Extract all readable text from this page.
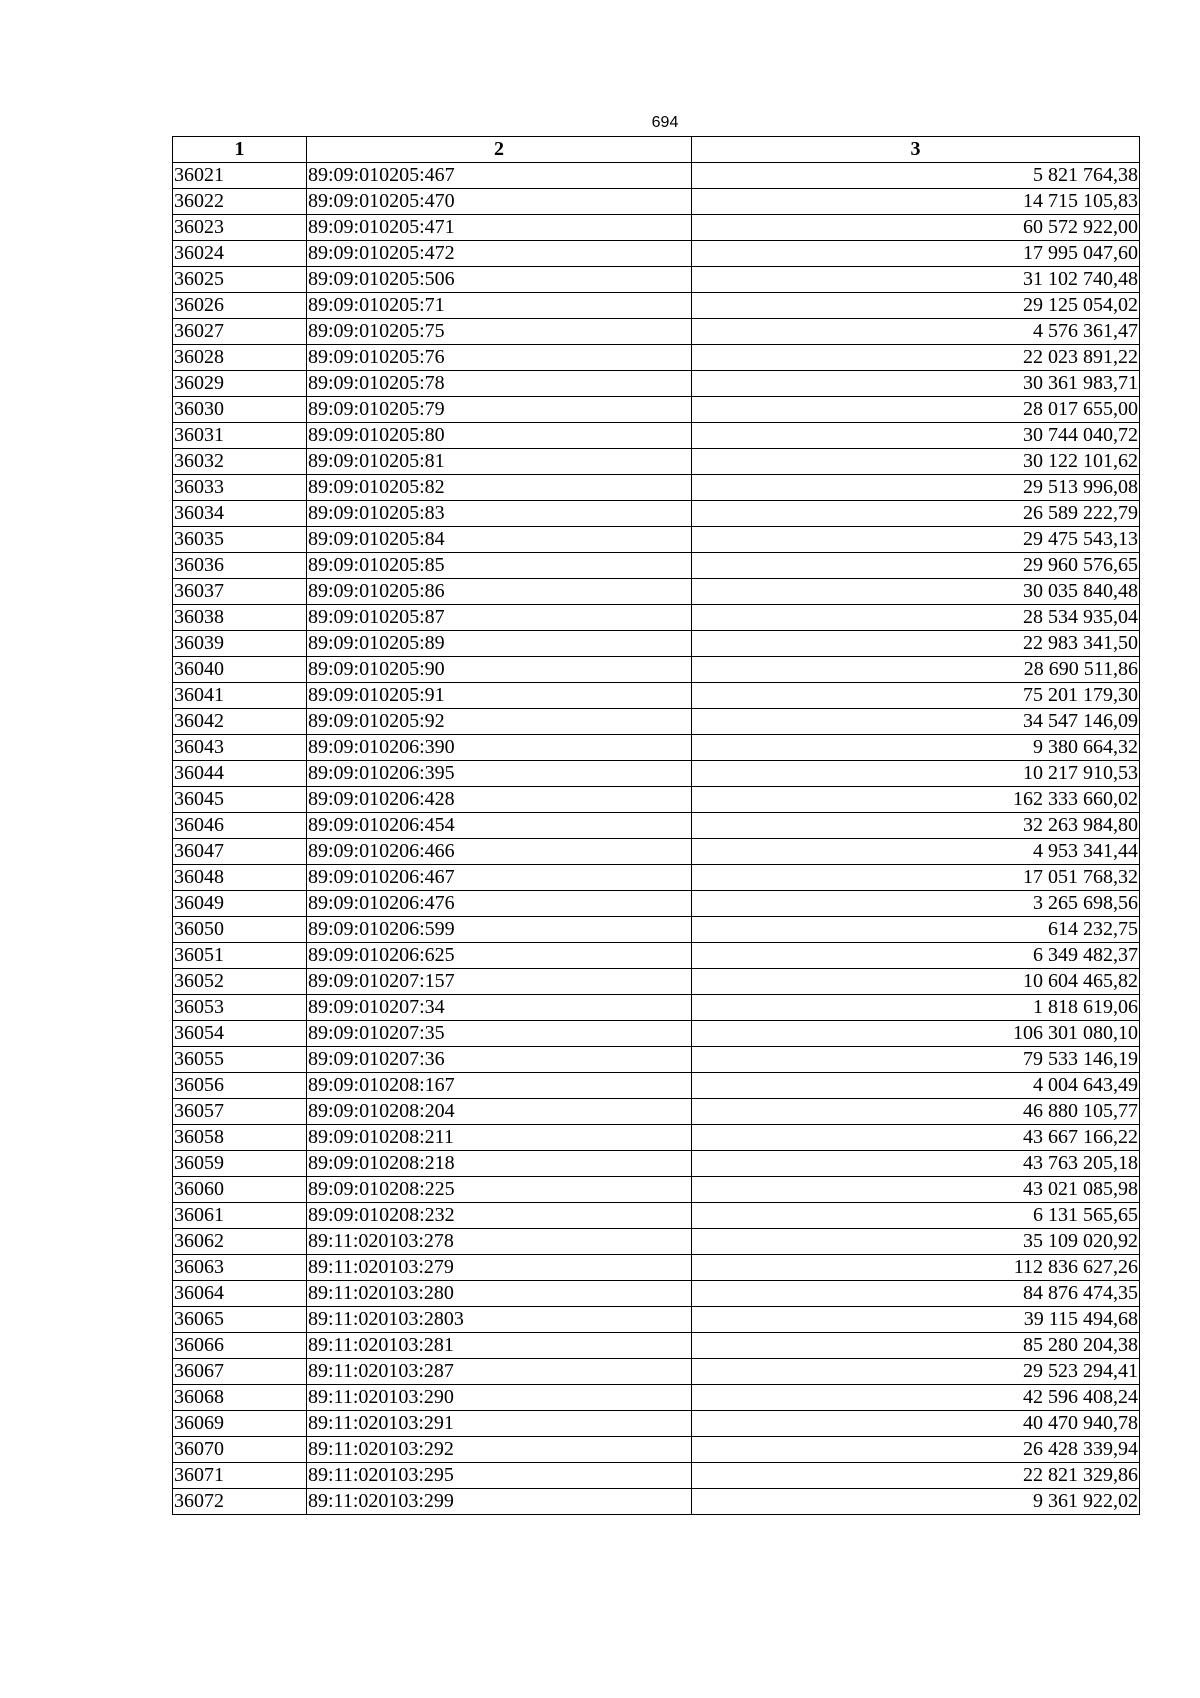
694
1	2	3
36021	89:09:010205:467	5 821 764,38
36022	89:09:010205:470	14 715 105,83
36023	89:09:010205:471	60 572 922,00
36024	89:09:010205:472	17 995 047,60
36025	89:09:010205:506	31 102 740,48
36026	89:09:010205:71	29 125 054,02
36027	89:09:010205:75	4 576 361,47
36028	89:09:010205:76	22 023 891,22
36029	89:09:010205:78	30 361 983,71
36030	89:09:010205:79	28 017 655,00
36031	89:09:010205:80	30 744 040,72
36032	89:09:010205:81	30 122 101,62
36033	89:09:010205:82	29 513 996,08
36034	89:09:010205:83	26 589 222,79
36035	89:09:010205:84	29 475 543,13
36036	89:09:010205:85	29 960 576,65
36037	89:09:010205:86	30 035 840,48
36038	89:09:010205:87	28 534 935,04
36039	89:09:010205:89	22 983 341,50
36040	89:09:010205:90	28 690 511,86
36041	89:09:010205:91	75 201 179,30
36042	89:09:010205:92	34 547 146,09
36043	89:09:010206:390	9 380 664,32
36044	89:09:010206:395	10 217 910,53
36045	89:09:010206:428	162 333 660,02
36046	89:09:010206:454	32 263 984,80
36047	89:09:010206:466	4 953 341,44
36048	89:09:010206:467	17 051 768,32
36049	89:09:010206:476	3 265 698,56
36050	89:09:010206:599	614 232,75
36051	89:09:010206:625	6 349 482,37
36052	89:09:010207:157	10 604 465,82
36053	89:09:010207:34	1 818 619,06
36054	89:09:010207:35	106 301 080,10
36055	89:09:010207:36	79 533 146,19
36056	89:09:010208:167	4 004 643,49
36057	89:09:010208:204	46 880 105,77
36058	89:09:010208:211	43 667 166,22
36059	89:09:010208:218	43 763 205,18
36060	89:09:010208:225	43 021 085,98
36061	89:09:010208:232	6 131 565,65
36062	89:11:020103:278	35 109 020,92
36063	89:11:020103:279	112 836 627,26
36064	89:11:020103:280	84 876 474,35
36065	89:11:020103:2803	39 115 494,68
36066	89:11:020103:281	85 280 204,38
36067	89:11:020103:287	29 523 294,41
36068	89:11:020103:290	42 596 408,24
36069	89:11:020103:291	40 470 940,78
36070	89:11:020103:292	26 428 339,94
36071	89:11:020103:295	22 821 329,86
36072	89:11:020103:299	9 361 922,02
